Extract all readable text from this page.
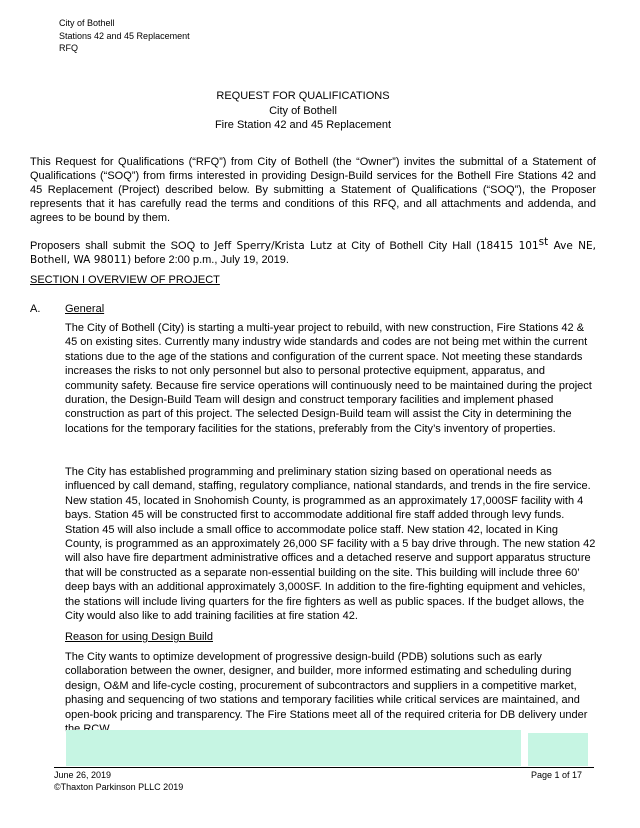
City of Bothell
Stations 42 and 45 Replacement
RFQ
REQUEST FOR QUALIFICATIONS
City of Bothell
Fire Station 42 and 45 Replacement
This Request for Qualifications (“RFQ”) from City of Bothell (the “Owner”) invites the submittal of a Statement of Qualifications (“SOQ”) from firms interested in providing Design-Build services for the Bothell Fire Stations 42 and 45 Replacement (Project) described below. By submitting a Statement of Qualifications (“SOQ”), the Proposer represents that it has carefully read the terms and conditions of this RFQ, and all attachments and addenda, and agrees to be bound by them.
Proposers shall submit the SOQ to Jeff Sperry/Krista Lutz at City of Bothell City Hall (18415 101st Ave NE, Bothell, WA 98011) before 2:00 p.m., July 19, 2019.
SECTION I OVERVIEW OF PROJECT
A. General
The City of Bothell (City) is starting a multi-year project to rebuild, with new construction, Fire Stations 42 & 45 on existing sites. Currently many industry wide standards and codes are not being met within the current stations due to the age of the stations and configuration of the current space. Not meeting these standards increases the risks to not only personnel but also to personal protective equipment, apparatus, and community safety. Because fire service operations will continuously need to be maintained during the project duration, the Design-Build Team will design and construct temporary facilities and implement phased construction as part of this project. The selected Design-Build team will assist the City in determining the locations for the temporary facilities for the stations, preferably from the City’s inventory of properties.
The City has established programming and preliminary station sizing based on operational needs as influenced by call demand, staffing, regulatory compliance, national standards, and trends in the fire service. New station 45, located in Snohomish County, is programmed as an approximately 17,000SF facility with 4 bays. Station 45 will be constructed first to accommodate additional fire staff added through levy funds. Station 45 will also include a small office to accommodate police staff. New station 42, located in King County, is programmed as an approximately 26,000 SF facility with a 5 bay drive through. The new station 42 will also have fire department administrative offices and a detached reserve and support apparatus structure that will be constructed as a separate non-essential building on the site. This building will include three 60’ deep bays with an additional approximately 3,000SF. In addition to the fire-fighting equipment and vehicles, the stations will include living quarters for the fire fighters as well as public spaces. If the budget allows, the City would also like to add training facilities at fire station 42.
Reason for using Design Build
The City wants to optimize development of progressive design-build (PDB) solutions such as early collaboration between the owner, designer, and builder, more informed estimating and scheduling during design, O&M and life-cycle costing, procurement of subcontractors and suppliers in a competitive market, phasing and sequencing of two stations and temporary facilities while critical services are maintained, and open-book pricing and transparency. The Fire Stations meet all of the required criteria for DB delivery under
June 26, 2019
©Thaxton Parkinson PLLC 2019
Page 1 of 17
